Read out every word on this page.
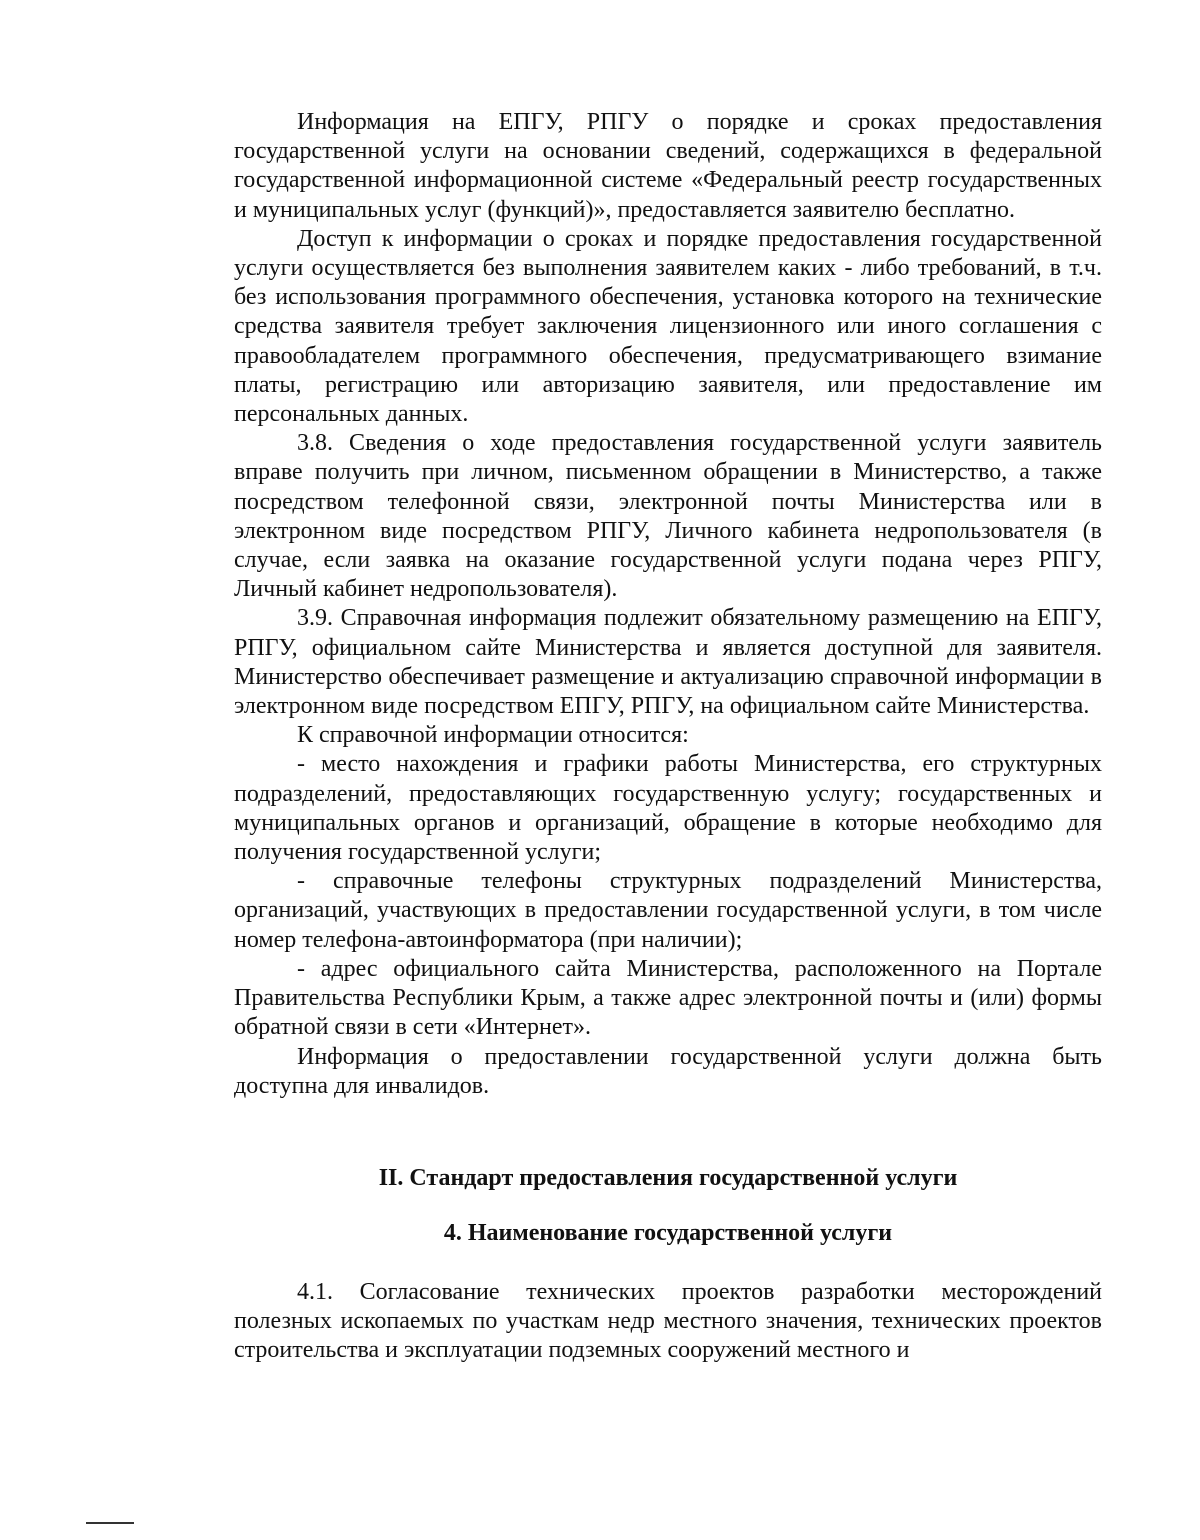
Информация на ЕПГУ, РПГУ о порядке и сроках предоставления государственной услуги на основании сведений, содержащихся в федеральной государственной информационной системе «Федеральный реестр государственных и муниципальных услуг (функций)», предоставляется заявителю бесплатно.

Доступ к информации о сроках и порядке предоставления государственной услуги осуществляется без выполнения заявителем каких - либо требований, в т.ч. без использования программного обеспечения, установка которого на технические средства заявителя требует заключения лицензионного или иного соглашения с правообладателем программного обеспечения, предусматривающего взимание платы, регистрацию или авторизацию заявителя, или предоставление им персональных данных.

3.8. Сведения о ходе предоставления государственной услуги заявитель вправе получить при личном, письменном обращении в Министерство, а также посредством телефонной связи, электронной почты Министерства или в электронном виде посредством РПГУ, Личного кабинета недропользователя (в случае, если заявка на оказание государственной услуги подана через РПГУ, Личный кабинет недропользователя).

3.9. Справочная информация подлежит обязательному размещению на ЕПГУ, РПГУ, официальном сайте Министерства и является доступной для заявителя. Министерство обеспечивает размещение и актуализацию справочной информации в электронном виде посредством ЕПГУ, РПГУ, на официальном сайте Министерства.

К справочной информации относится:

- место нахождения и графики работы Министерства, его структурных подразделений, предоставляющих государственную услугу; государственных и муниципальных органов и организаций, обращение в которые необходимо для получения государственной услуги;

- справочные телефоны структурных подразделений Министерства, организаций, участвующих в предоставлении государственной услуги, в том числе номер телефона-автоинформатора (при наличии);

- адрес официального сайта Министерства, расположенного на Портале Правительства Республики Крым, а также адрес электронной почты и (или) формы обратной связи в сети «Интернет».

Информация о предоставлении государственной услуги должна быть доступна для инвалидов.

II. Стандарт предоставления государственной услуги
4. Наименование государственной услуги

4.1. Согласование технических проектов разработки месторождений полезных ископаемых по участкам недр местного значения, технических проектов строительства и эксплуатации подземных сооружений местного и
